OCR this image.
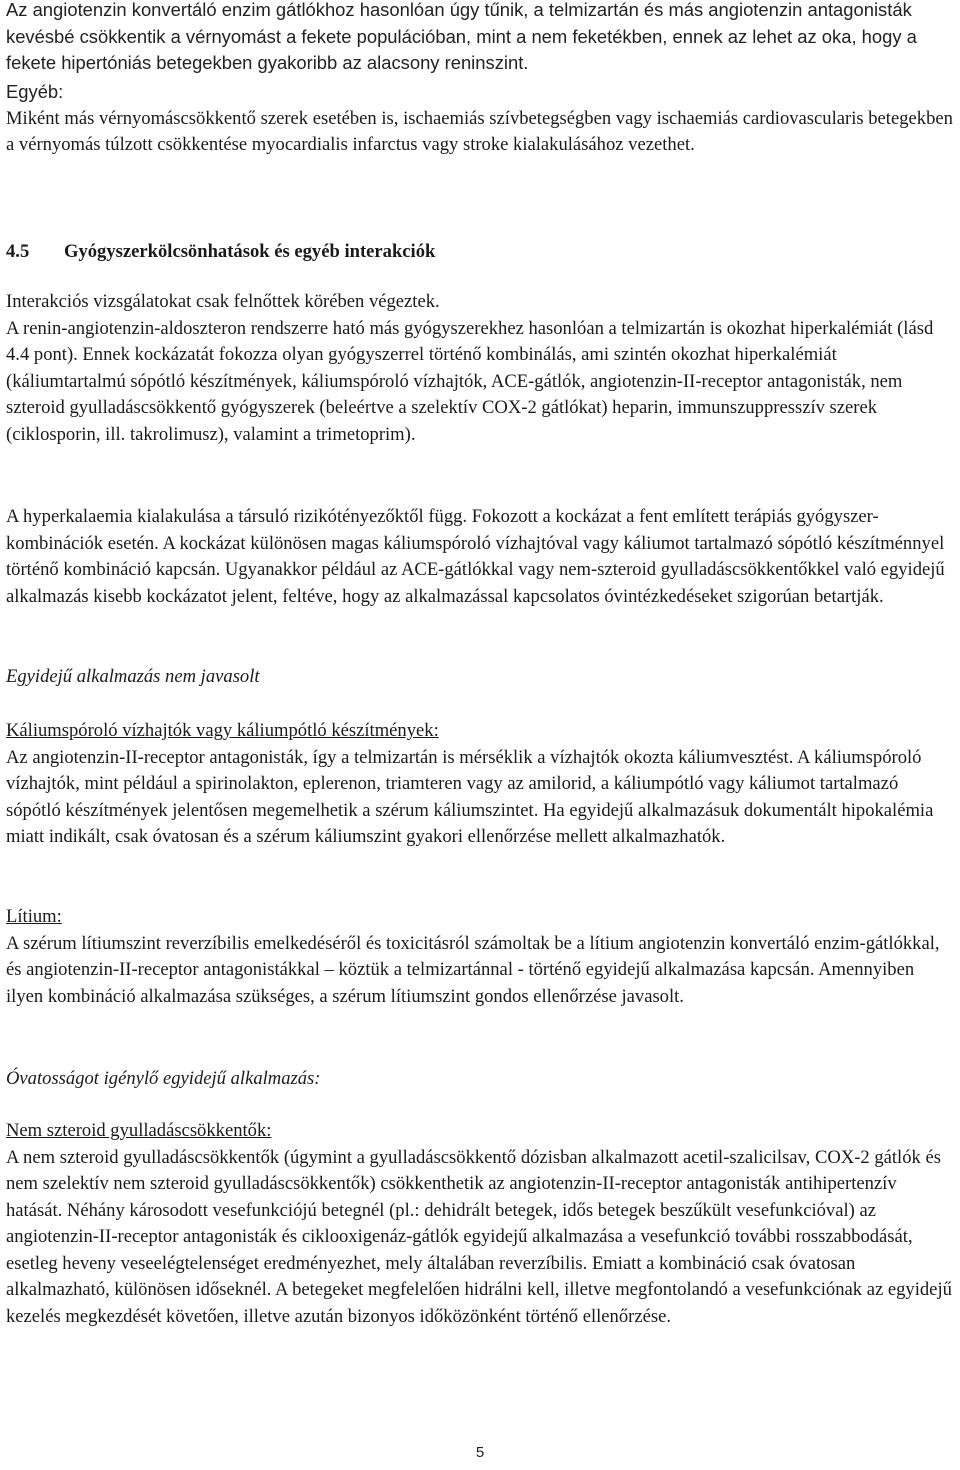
Az angiotenzin konvertáló enzim gátlókhoz hasonlóan úgy tűnik, a telmizartán és más angiotenzin antagonisták kevésbé csökkentik a vérnyomást a fekete populációban, mint a nem feketékben, ennek az lehet az oka, hogy a fekete hipertóniás betegekben gyakoribb az alacsony reninszint.

Egyéb:

Miként más vérnyomáscsökkentő szerek esetében is, ischaemiás szívbetegségben vagy ischaemiás cardiovascularis betegekben a vérnyomás túlzott csökkentése myocardialis infarctus vagy stroke kialakulásához vezethet.

4.5 Gyógyszerkölcsönhatások és egyéb interakciók

Interakciós vizsgálatokat csak felnőttek körében végeztek.

A renin-angiotenzin-aldoszteron rendszerre ható más gyógyszerekhez hasonlóan a telmizartán is okozhat hiperkalémiát (lásd 4.4 pont). Ennek kockázatát fokozza olyan gyógyszerrel történő kombinálás, ami szintén okozhat hiperkalémiát (káliumtartalmú sópótló készítmények, káliumspóroló vízhajtók, ACE-gátlók, angiotenzin-II-receptor antagonisták, nem szteroid gyulladáscsökkentő gyógyszerek (beleértve a szelektív COX-2 gátlókat) heparin, immunszuppresszív szerek (ciklosporin, ill. takrolimusz), valamint a trimetoprim).

A hyperkalaemia kialakulása a társuló rizikótényezőktől függ. Fokozott a kockázat a fent említett terápiás gyógyszer-kombinációk esetén. A kockázat különösen magas káliumspóroló vízhajtóval vagy káliumot tartalmazó sópótló készítménnyel történő kombináció kapcsán. Ugyanakkor például az ACE-gátlókkal vagy nem-szteroid gyulladáscsökkentőkkel való egyidejű alkalmazás kisebb kockázatot jelent, feltéve, hogy az alkalmazással kapcsolatos óvintézkedéseket szigorúan betartják.

Egyidejű alkalmazás nem javasolt

Káliumspóroló vízhajtók vagy káliumpótló készítmények:

Az angiotenzin-II-receptor antagonisták, így a telmizartán is mérséklik a vízhajtók okozta káliumvesztést. A káliumspóroló vízhajtók, mint például a spirinolakton, eplerenon, triamteren vagy az amilorid, a káliumpótló vagy káliumot tartalmazó sópótló készítmények jelentősen megemelhetik a szérum káliumszintet. Ha egyidejű alkalmazásuk dokumentált hipokalémia miatt indikált, csak óvatosan és a szérum káliumszint gyakori ellenőrzése mellett alkalmazhatók.

Lítium:

A szérum lítiumszint reverzíbilis emelkedéséről és toxicitásról számoltak be a lítium angiotenzin konvertáló enzim-gátlókkal, és angiotenzin-II-receptor antagonistákkal – köztük a telmizartánnal - történő egyidejű alkalmazása kapcsán. Amennyiben ilyen kombináció alkalmazása szükséges, a szérum lítiumszint gondos ellenőrzése javasolt.

Óvatosságot igénylő egyidejű alkalmazás:

Nem szteroid gyulladáscsökkentők:

A nem szteroid gyulladáscsökkentők (úgymint a gyulladáscsökkentő dózisban alkalmazott acetil-szalicilsav, COX-2 gátlók és nem szelektív nem szteroid gyulladáscsökkentők) csökkenthetik az angiotenzin-II-receptor antagonisták antihipertenzív hatását. Néhány károsodott vesefunkciójú betegnél (pl.: dehidrált betegek, idős betegek beszűkült vesefunkcióval) az angiotenzin-II-receptor antagonisták és ciklooxigenáz-gátlók egyidejű alkalmazása a vesefunkció további rosszabbodását, esetleg heveny veseelégtelenséget eredményezhet, mely általában reverzíbilis. Emiatt a kombináció csak óvatosan alkalmazható, különösen időseknél. A betegeket megfelelően hidrálni kell, illetve megfontolandó a vesefunkciónak az egyidejű kezelés megkezdését követően, illetve azután bizonyos időközönként történő ellenőrzése.

5
